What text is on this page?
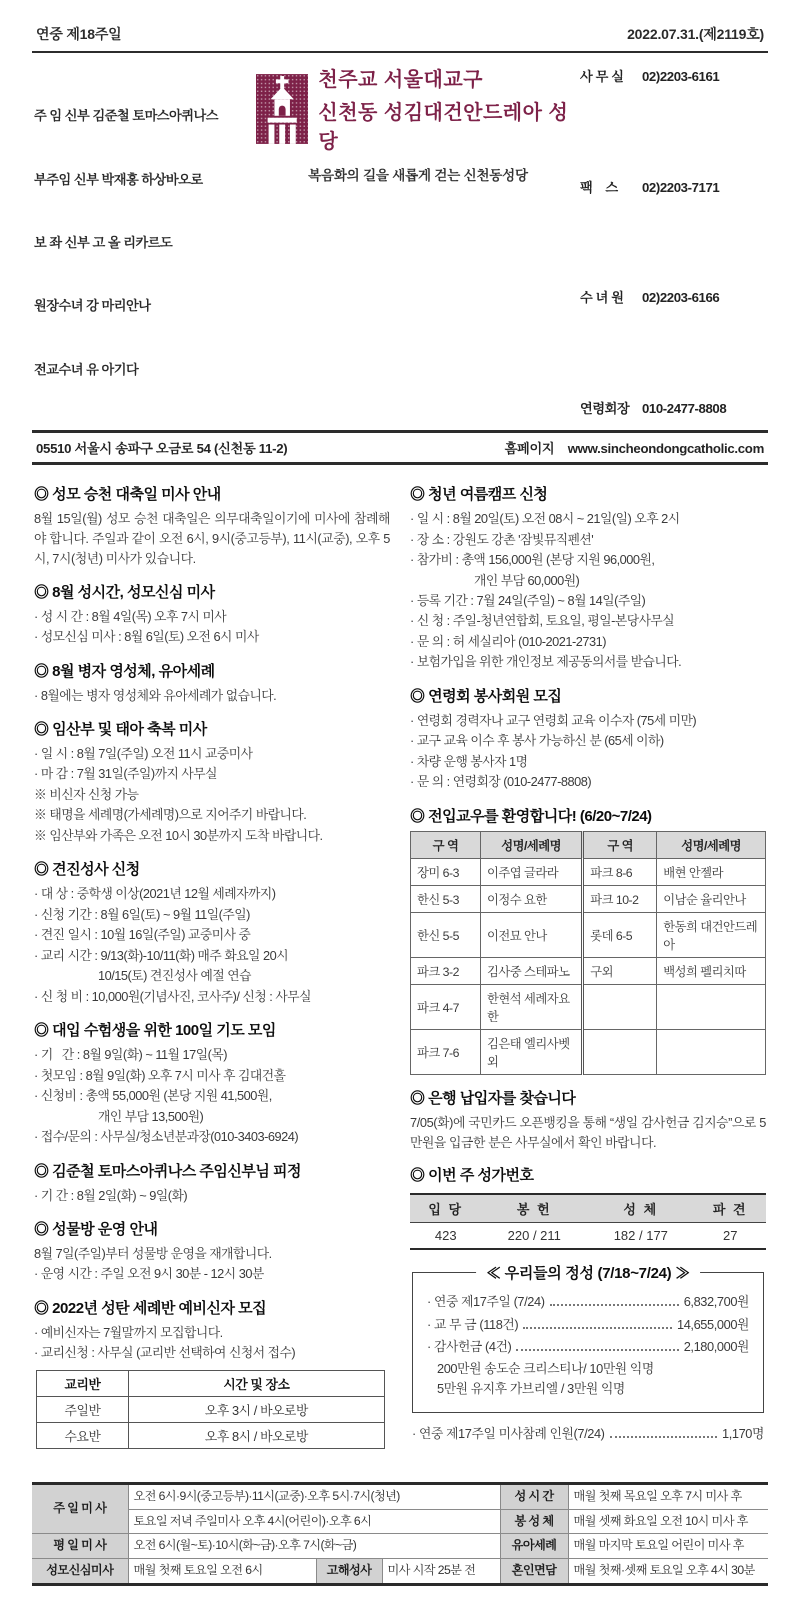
연중 제18주일	2022.07.31.(제2119호)

주 임 신부 김준철 토마스아퀴나스

부주임 신부 박재홍 하상바오로

보 좌 신부 고 올 리카르도

원장수녀 강 마리안나

전교수녀 유 아기다

천주교 서울대교구
신천동 성김대건안드레아 성당
복음화의 길을 새롭게 걷는 신천동성당
사 무 실	02)2203-6161
팩    스	02)2203-7171
수 녀 원	02)2203-6166
연령회장 010-2477-8808
05510 서울시 송파구 오금로 54 (신천동 11-2)	홈페이지 www.sincheondongcatholic.com
◎ 성모 승천 대축일 미사 안내

8월 15일(월) 성모 승천 대축일은 의무대축일이기에 미사에 참례해야 합니다. 주일과 같이 오전 6시, 9시(중고등부), 11시(교중), 오후 5시, 7시(청년) 미사가 있습니다.

◎ 8월 성시간, 성모신심 미사
· 성 시 간 : 8월 4일(목) 오후 7시 미사
· 성모신심 미사 : 8월 6일(토) 오전 6시 미사
◎ 8월 병자 영성체, 유아세례
· 8월에는 병자 영성체와 유아세례가 없습니다.
◎ 임산부 및 태아 축복 미사
· 일 시 : 8월 7일(주일) 오전 11시 교중미사
· 마 감 : 7월 31일(주일)까지 사무실
※ 비신자 신청 가능
※ 태명을 세례명(가세례명)으로 지어주기 바랍니다.
※ 임산부와 가족은 오전 10시 30분까지 도착 바랍니다.
◎ 견진성사 신청
· 대 상 : 중학생 이상(2021년 12월 세례자까지)
· 신청 기간 : 8월 6일(토) ~ 9월 11일(주일)
· 견진 일시 : 10월 16일(주일) 교중미사 중
· 교리 시간 : 9/13(화)-10/11(화) 매주 화요일 20시
10/15(토) 견진성사 예절 연습
· 신 청 비 : 10,000원(기념사진, 코사주)/ 신청 : 사무실
◎ 대입 수험생을 위한 100일 기도 모임
· 기   간 : 8월 9일(화) ~ 11월 17일(목)
· 첫모임 : 8월 9일(화) 오후 7시 미사 후 김대건홀
· 신청비 : 총액 55,000원 (본당 지원 41,500원,
개인 부담 13,500원)
· 접수/문의 : 사무실/청소년분과장(010-3403-6924)
◎ 김준철 토마스아퀴나스 주임신부님 피정
· 기 간 : 8월 2일(화) ~ 9일(화)
◎ 성물방 운영 안내
8월 7일(주일)부터 성물방 운영을 재개합니다.
· 운영 시간 : 주일 오전 9시 30분 - 12시 30분
◎ 2022년 성탄 세례반 예비신자 모집
· 예비신자는 7월말까지 모집합니다.
· 교리신청 : 사무실 (교리반 선택하여 신청서 접수)
교리반	시간 및 장소
주일반	오후 3시 / 바오로방
수요반	오후 8시 / 바오로방
◎ 청년 여름캠프 신청
· 일 시 : 8월 20일(토) 오전 08시 ~ 21일(일) 오후 2시
· 장 소 : 강원도 강촌 '잠빛뮤직펜션'
· 참가비 : 총액 156,000원 (본당 지원 96,000원,
개인 부담 60,000원)
· 등록 기간 : 7월 24일(주일) ~ 8월 14일(주일)
· 신 청 : 주일-청년연합회, 토요일, 평일-본당사무실
· 문 의 : 허 세실리아 (010-2021-2731)
· 보험가입을 위한 개인정보 제공동의서를 받습니다.
◎ 연령회 봉사회원 모집
· 연령회 경력자나 교구 연령회 교육 이수자 (75세 미만)
· 교구 교육 이수 후 봉사 가능하신 분 (65세 이하)
· 차량 운행 봉사자 1명
· 문 의 : 연령회장 (010-2477-8808)
◎ 전입교우를 환영합니다! (6/20~7/24)
구 역	성명/세례명	구 역	성명/세례명
장미 6-3	이주엽 글라라	파크 8-6	배현 안젤라
한신 5-3	이정수 요한	파크 10-2	이남순 율리안나
한신 5-5	이전묘 안나	롯데 6-5	한동희 대건안드레아
파크 3-2	김사중 스테파노	구외	백성희 펠리치따
파크 4-7	한현석 세례자요한		
파크 7-6	김은태 엘리사벳 외		
◎ 은행 납입자를 찾습니다

7/05(화)에 국민카드 오픈뱅킹을 통해 “생일 감사헌금 김지승”으로 5만원을 입금한 분은 사무실에서 확인 바랍니다.

◎ 이번 주 성가번호
입 당	봉 헌	성 체	파 견
423	220 / 211	182 / 177	27
≪ 우리들의 정성 (7/18~7/24) ≫
· 연중 제17주일 (7/24)	6,832,700원
· 교 무 금 (118건)	14,655,000원
· 감사헌금 (4건)	2,180,000원
200만원 송도순 크리스티나/ 10만원 익명
5만원 유지후 가브리엘 / 3만원 익명
· 연중 제17주일 미사참례 인원(7/24)	1,170명
주 일 미 사	오전 6시·9시(중고등부)·11시(교중)·오후 5시·7시(청년)			성 시 간	매월 첫째 목요일 오후 7시 미사 후
	토요일 저녁 주일미사 오후 4시(어린이)·오후 6시			봉 성 체	매월 셋째 화요일 오전 10시 미사 후
평 일 미 사	오전 6시(월~토)·10시(화~금)·오후 7시(화~금)			유아세례	매월 마지막 토요일 어린이 미사 후
성모신심미사	매월 첫째 토요일 오전 6시	고해성사	미사 시작 25분 전	혼인면담	매월 첫째·셋째 토요일 오후 4시 30분
